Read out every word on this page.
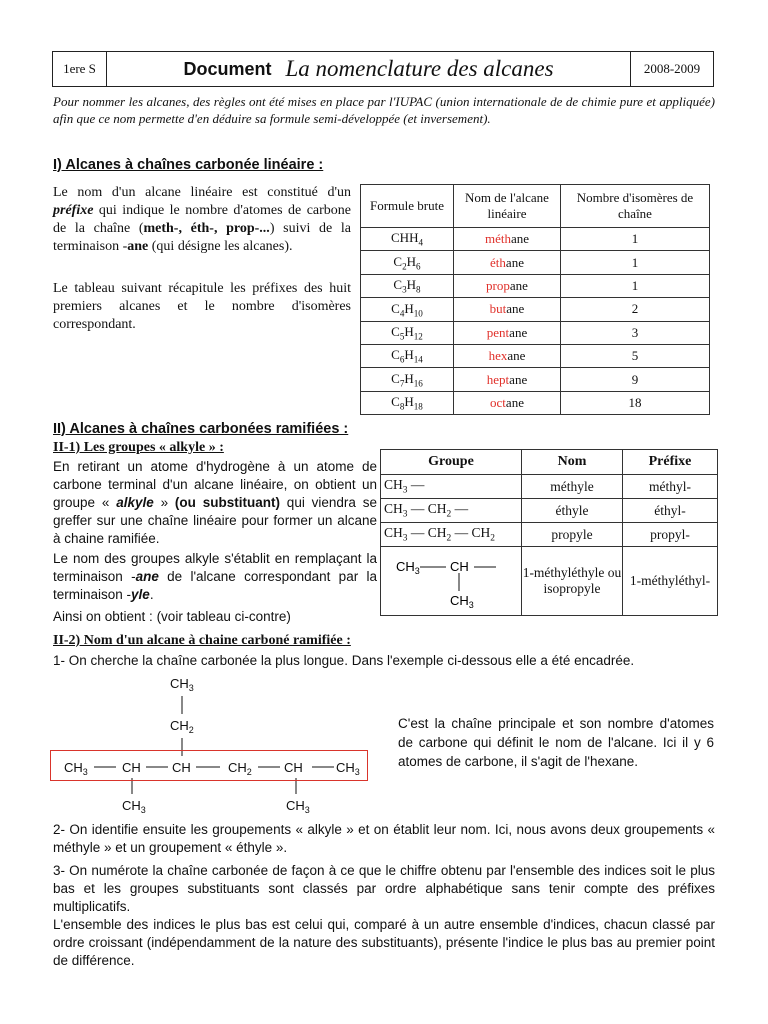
1ere S	Document La nomenclature des alcanes	2008-2009

Pour nommer les alcanes, des règles ont été mises en place par l'IUPAC (union internationale de de chimie pure et appliquée) afin que ce nom permette d'en déduire sa formule semi-développée (et inversement).

I) Alcanes à chaînes carbonée linéaire :

Le nom d'un alcane linéaire est constitué d'un préfixe qui indique le nombre d'atomes de carbone de la chaîne (meth-, éth-, prop-...) suivi de la terminaison -ane (qui désigne les alcanes).

Le tableau suivant récapitule les préfixes des huit premiers alcanes et le nombre d'isomères correspondant.

Formule brute	Nom de l'alcane linéaire	Nombre d'isomères de chaîne
$CHH_4$	méthane	1
$C_2H_6$	éthane	1
$C_3H_8$	propane	1
$C_4H_{10}$	butane	2
$C_5H_{12}$	pentane	3
$C_6H_{14}$	hexane	5
$C_7H_{16}$	heptane	9
$C_8H_{18}$	octane	18
II) Alcanes à chaînes carbonées ramifiées :
II-1) Les groupes « alkyle » :

En retirant un atome d'hydrogène à un atome de carbone terminal d'un alcane linéaire, on obtient un groupe « alkyle » (ou substituant) qui viendra se greffer sur une chaîne linéaire pour former un alcane à chaine ramifiée.

Le nom des groupes alkyle s'établit en remplaçant la terminaison -ane de l'alcane correspondant par la terminaison -yle.

Ainsi on obtient : (voir tableau ci-contre)

Groupe	Nom	Préfixe
$CH_3$ —	méthyle	méthyl-
$CH_3$ — $CH_2$ —	éthyle	éthyl-
$CH_3$ — $CH_2$ — $CH_2$	propyle	propyl-

$CH_3$ CH
$CH_3$	1-méthyléthyle ou isopropyle	1-méthyléthyl-
II-2) Nom d'un alcane à chaine carboné ramifiée :

1- On cherche la chaîne carbonée la plus longue. Dans l'exemple ci-dessous elle a été encadrée.

$CH_3$
$CH_2$
$CH_3$	CH CH	$CH_2$ CH	$CH_3$
$CH_3$	$CH_3$

C'est la chaîne principale et son nombre d'atomes de carbone qui définit le nom de l'alcane. Ici il y 6 atomes de carbone, il s'agit de l'hexane.

2- On identifie ensuite les groupements « alkyle » et on établit leur nom. Ici, nous avons deux groupements « méthyle » et un groupement « éthyle ».

3- On numérote la chaîne carbonée de façon à ce que le chiffre obtenu par l'ensemble des indices soit le plus bas et les groupes substituants sont classés par ordre alphabétique sans tenir compte des préfixes multiplicatifs.

L'ensemble des indices le plus bas est celui qui, comparé à un autre ensemble d'indices, chacun classé par ordre croissant (indépendamment de la nature des substituants), présente l'indice le plus bas au premier point de différence.
